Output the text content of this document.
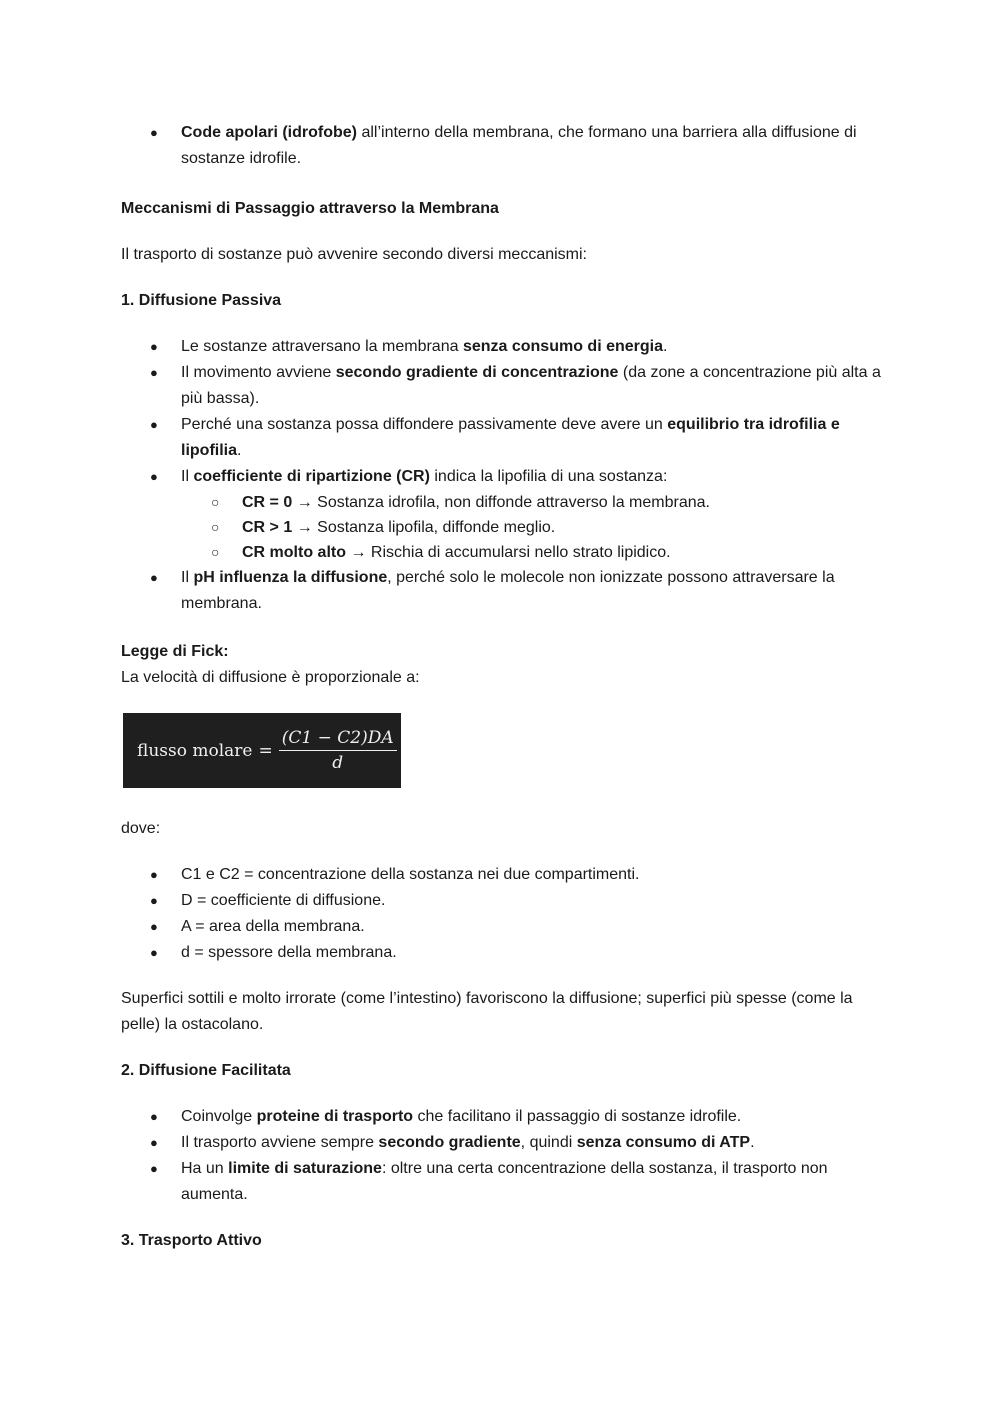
● Code apolari (idrofobe) all’interno della membrana, che formano una barriera alla diffusione di sostanze idrofile.
Meccanismi di Passaggio attraverso la Membrana
Il trasporto di sostanze può avvenire secondo diversi meccanismi:
1. Diffusione Passiva
● Le sostanze attraversano la membrana senza consumo di energia.
● Il movimento avviene secondo gradiente di concentrazione (da zone a concentrazione più alta a più bassa).
● Perché una sostanza possa diffondere passivamente deve avere un equilibrio tra idrofilia e lipofilia.
● Il coefficiente di ripartizione (CR) indica la lipofilia di una sostanza:
○ CR = 0 → Sostanza idrofila, non diffonde attraverso la membrana.
○ CR > 1 → Sostanza lipofila, diffonde meglio.
○ CR molto alto → Rischia di accumularsi nello strato lipidico.
● Il pH influenza la diffusione, perché solo le molecole non ionizzate possono attraversare la membrana.
Legge di Fick:
La velocità di diffusione è proporzionale a:
flusso molare = $\frac{(C1 - C2)DA}{d}$
dove:
● C1 e C2 = concentrazione della sostanza nei due compartimenti.
● D = coefficiente di diffusione.
● A = area della membrana.
● d = spessore della membrana.
Superfici sottili e molto irrorate (come l’intestino) favoriscono la diffusione; superfici più spesse (come la pelle) la ostacolano.
2. Diffusione Facilitata
● Coinvolge proteine di trasporto che facilitano il passaggio di sostanze idrofile.
● Il trasporto avviene sempre secondo gradiente, quindi senza consumo di ATP.
● Ha un limite di saturazione: oltre una certa concentrazione della sostanza, il trasporto non aumenta.
3. Trasporto Attivo
